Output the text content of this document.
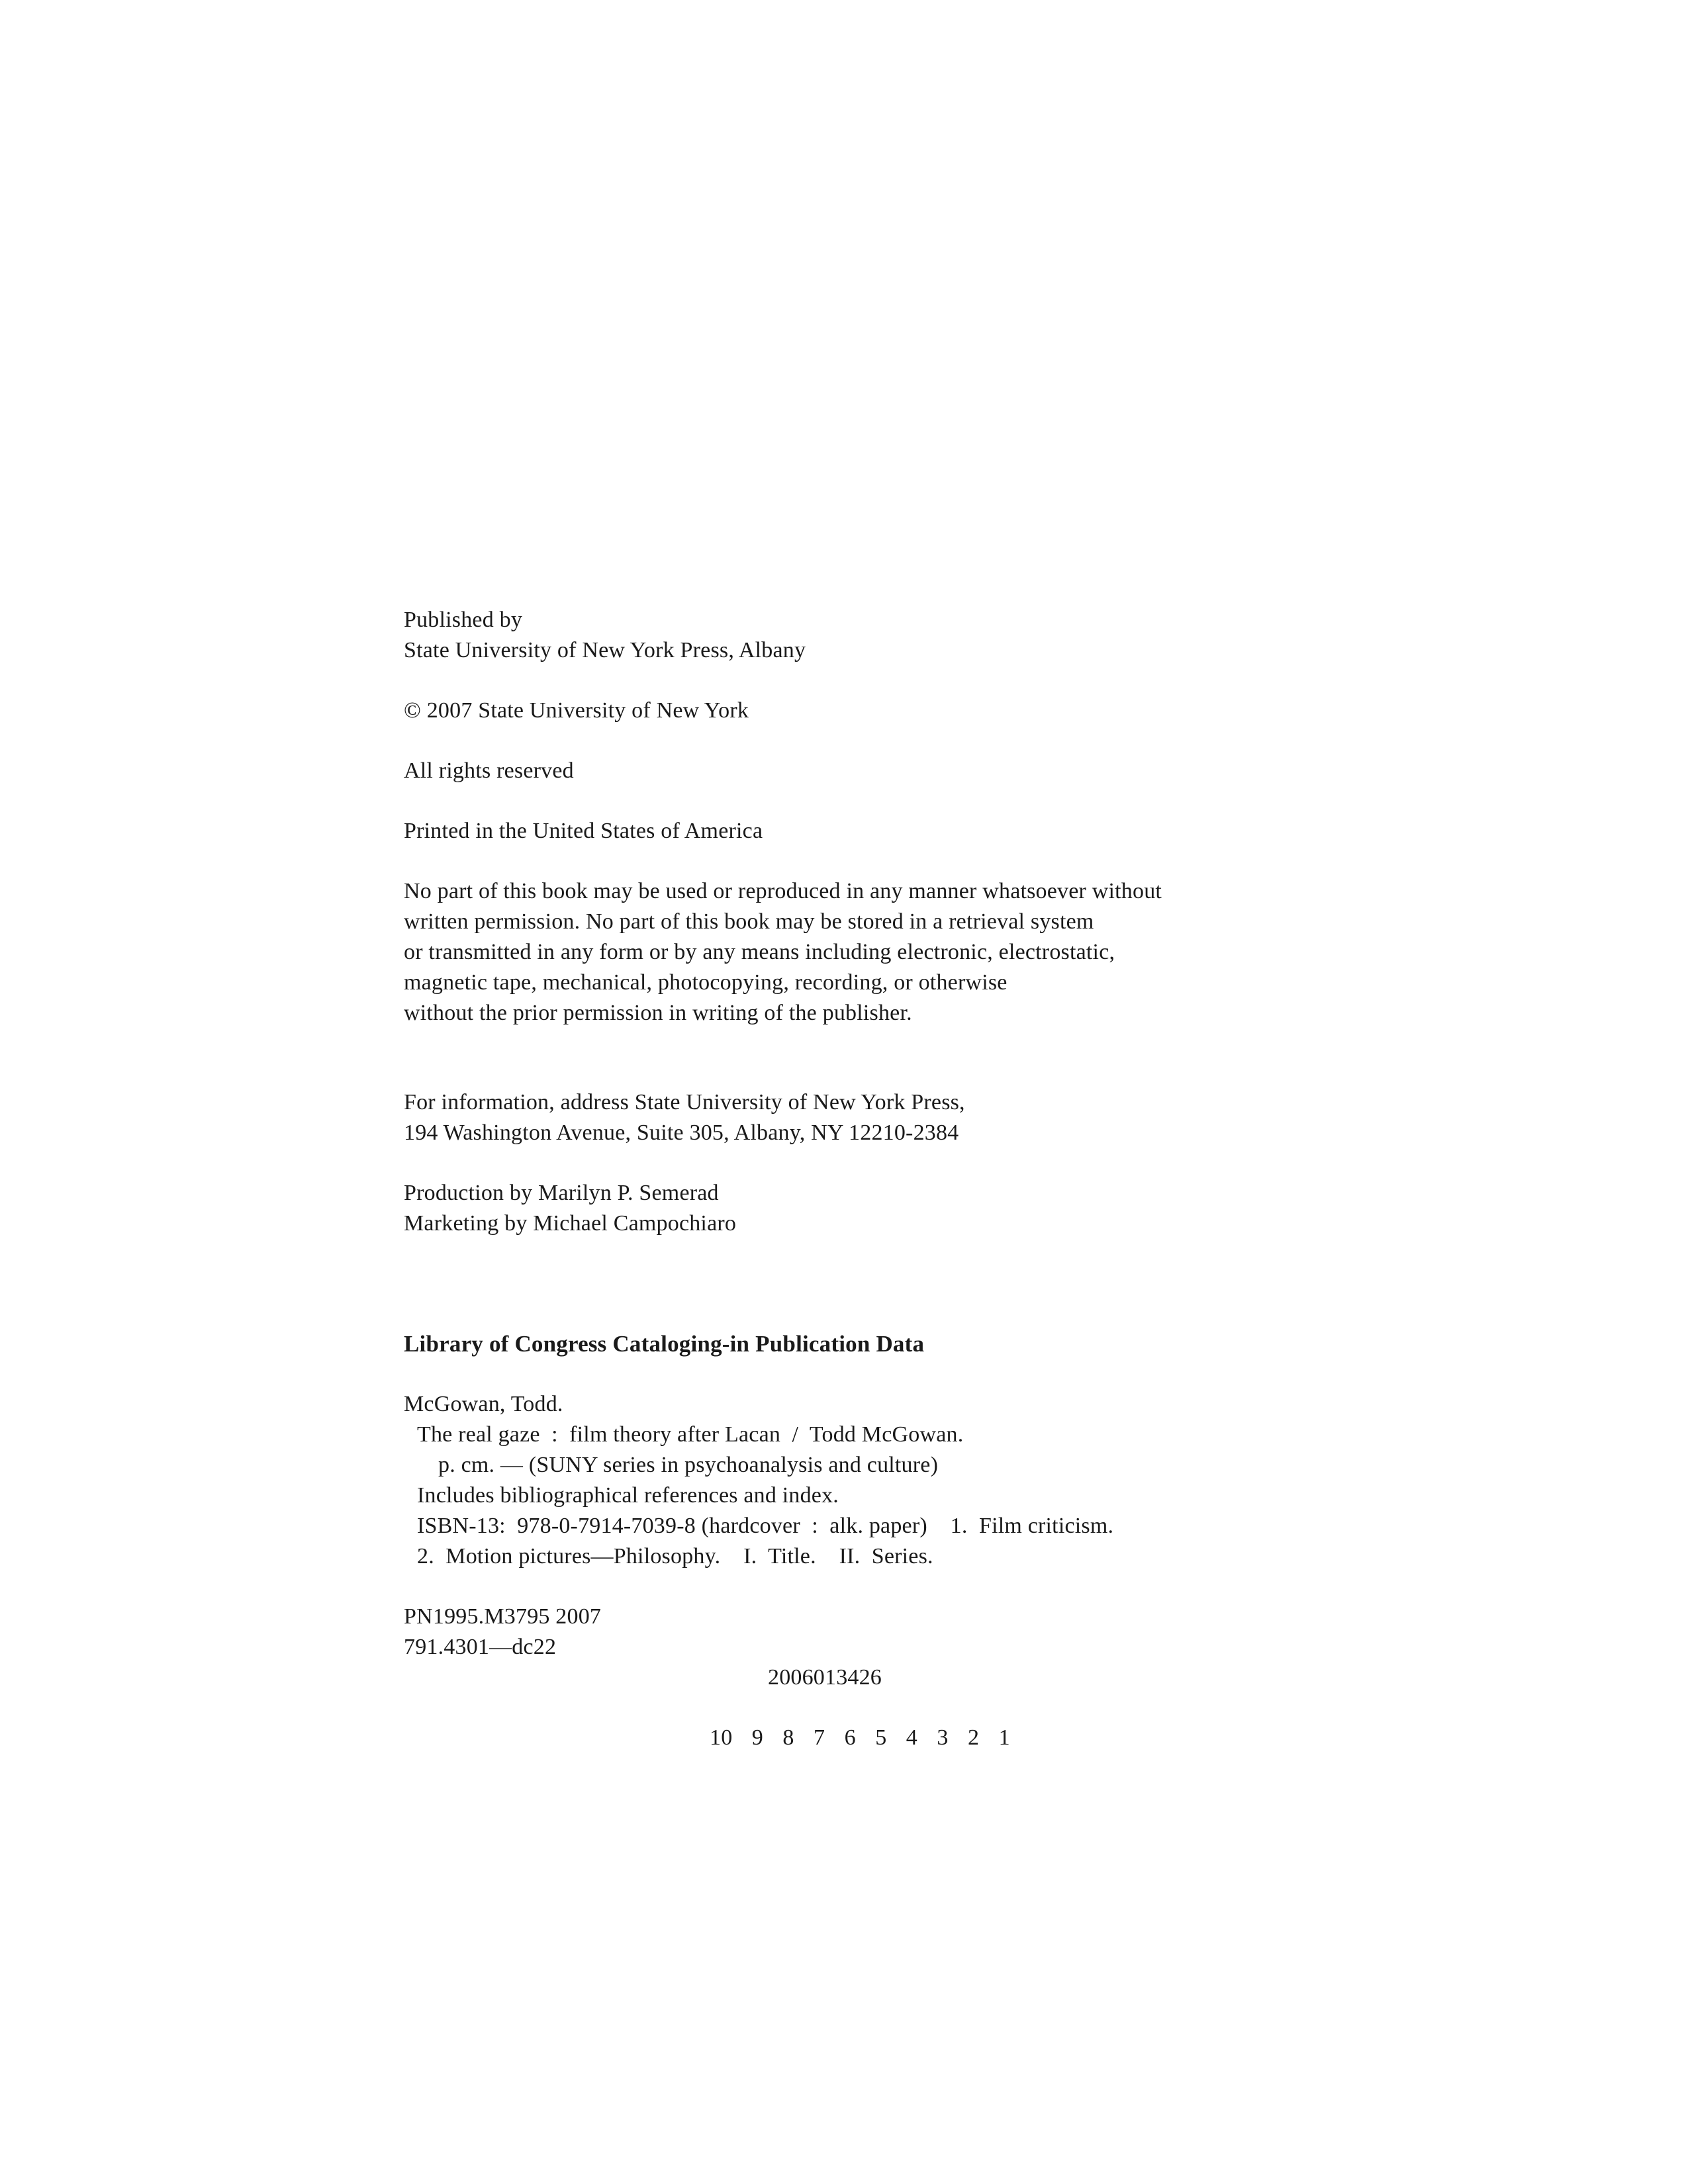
Published by
State University of New York Press, Albany
© 2007 State University of New York
All rights reserved
Printed in the United States of America
No part of this book may be used or reproduced in any manner whatsoever without
written permission. No part of this book may be stored in a retrieval system
or transmitted in any form or by any means including electronic, electrostatic,
magnetic tape, mechanical, photocopying, recording, or otherwise
without the prior permission in writing of the publisher.
For information, address State University of New York Press,
194 Washington Avenue, Suite 305, Albany, NY 12210-2384
Production by Marilyn P. Semerad
Marketing by Michael Campochiaro
Library of Congress Cataloging-in Publication Data
McGowan, Todd.
The real gaze  :  film theory after Lacan  /  Todd McGowan.
p. cm. — (SUNY series in psychoanalysis and culture)
Includes bibliographical references and index.
ISBN-13:  978-0-7914-7039-8 (hardcover  :  alk. paper)    1.  Film criticism.
2.  Motion pictures—Philosophy.    I.  Title.    II.  Series.
PN1995.M3795 2007
791.4301—dc22
2006013426
10  9  8  7  6  5  4  3  2  1
